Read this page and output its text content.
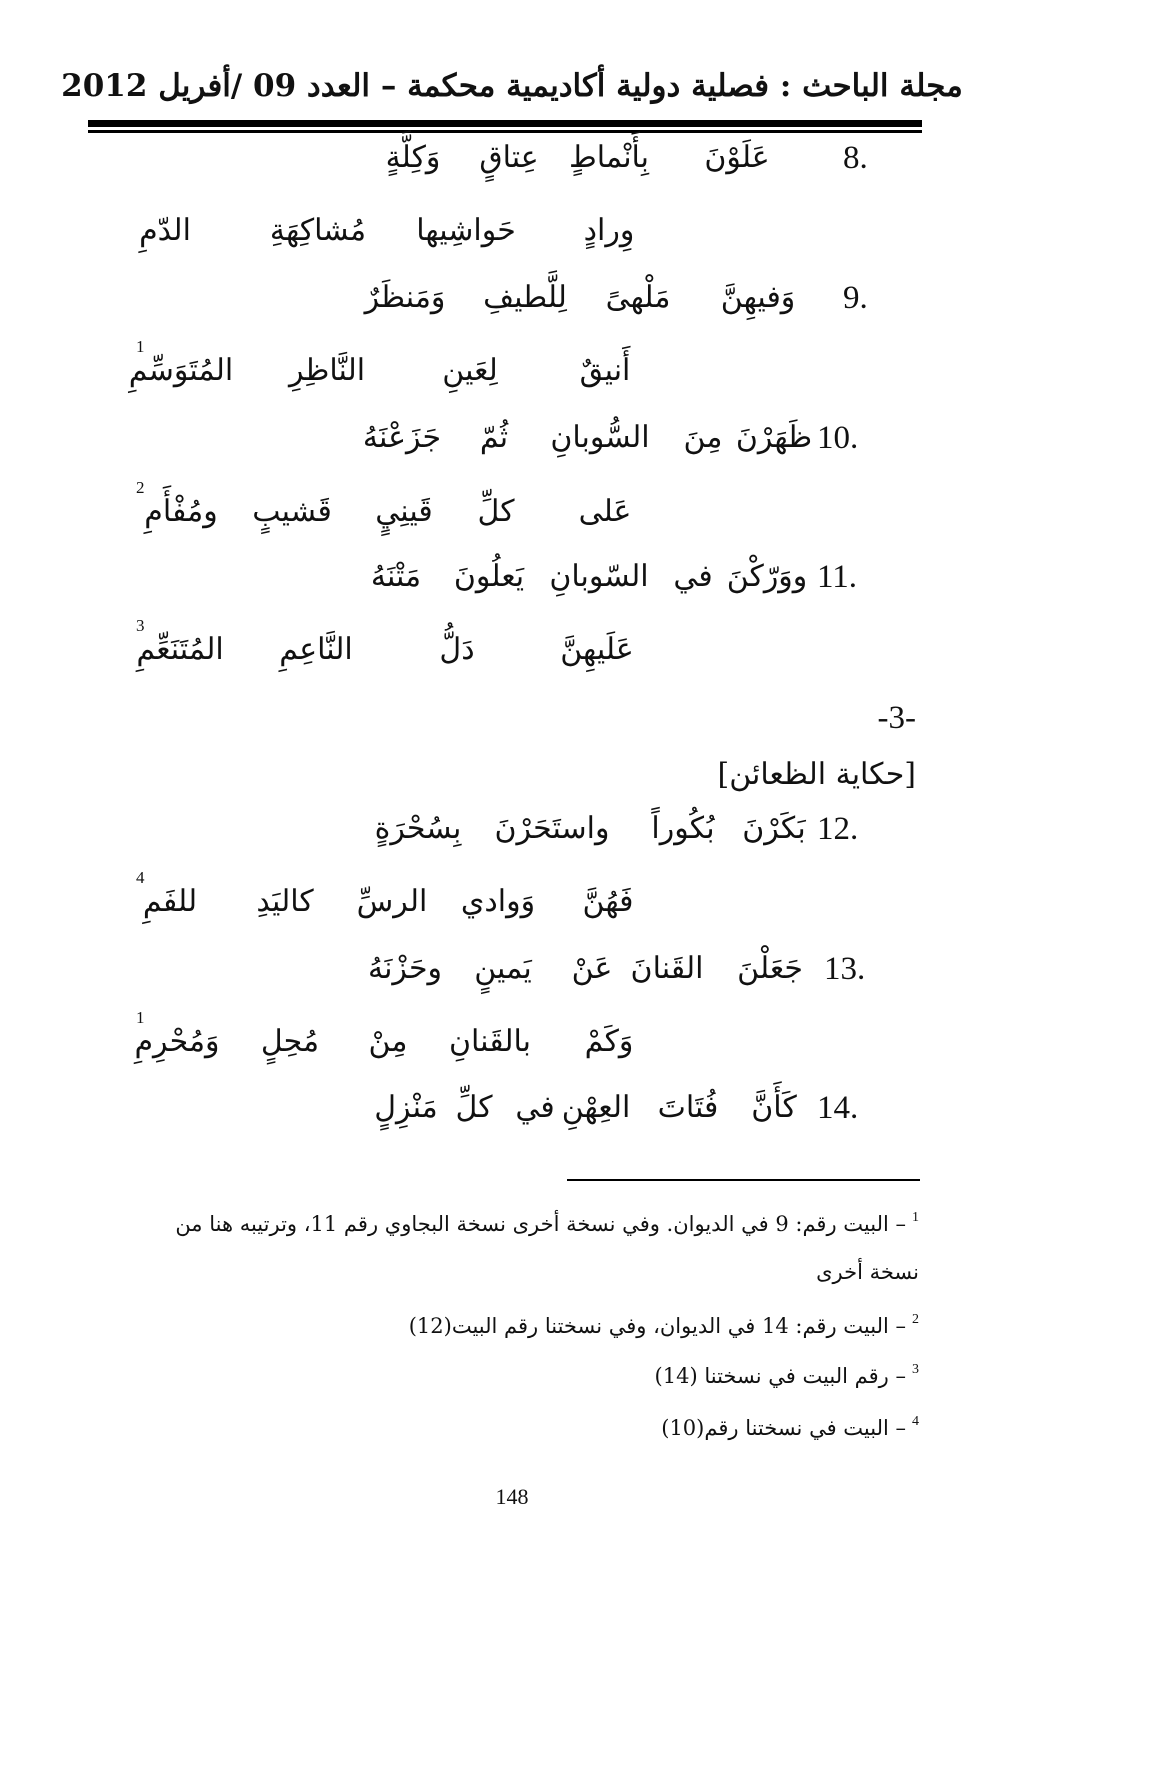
مجلة الباحث : فصلية دولية أكاديمية محكمة – العدد 09 /أفريل 2012
8.
عَلَوْنَ
بِأَنْماطٍ
عِتاقٍ
وَكِلَّةٍ
وِرادٍ
حَواشِيها
مُشاكِهَةِ
الدّمِ
9.
وَفيهِنَّ
مَلْهىً
لِلَّطيفِ
وَمَنظَرٌ
أَنيقٌ
لِعَينِ
النَّاظِرِ
المُتَوَسِّمِ
1
10.
ظَهَرْنَ
مِنَ
السُّوبانِ
ثُمّ
جَزَعْنَهُ
عَلى
كلِّ
قَينِيٍ
قَشيبٍ
ومُفْأَمِ
2
11.
ووَرّكْنَ
في
السّوبانِ
يَعلُونَ
مَتْنَهُ
عَلَيهِنَّ
دَلُّ
النَّاعِمِ
المُتَنَعِّمِ
3
-3-
[حكاية الظعائن]
12.
بَكَرْنَ
بُكُوراً
واستَحَرْنَ
بِسُحْرَةٍ
فَهُنَّ
وَوادي
الرسِّ
كاليَدِ
للفَمِ
4
13.
جَعَلْنَ
القَنانَ
عَنْ
يَمينٍ
وحَزْنَهُ
وَكَمْ
بالقَنانِ
مِنْ
مُحِلٍ
وَمُحْرِمِ
1
14.
كَأَنَّ
فُتَاتَ
العِهْنِ
في
كلِّ
مَنْزِلٍ
$^1$– البيت رقم: 9 في الديوان. وفي نسخة أخرى نسخة البجاوي رقم 11، وترتيبه هنا من
نسخة أخرى
$^2$– البيت رقم: 14 في الديوان، وفي نسختنا رقم البيت(12)
$^3$– رقم البيت في نسختنا (14)
$^4$– البيت في نسختنا رقم(10)
148
